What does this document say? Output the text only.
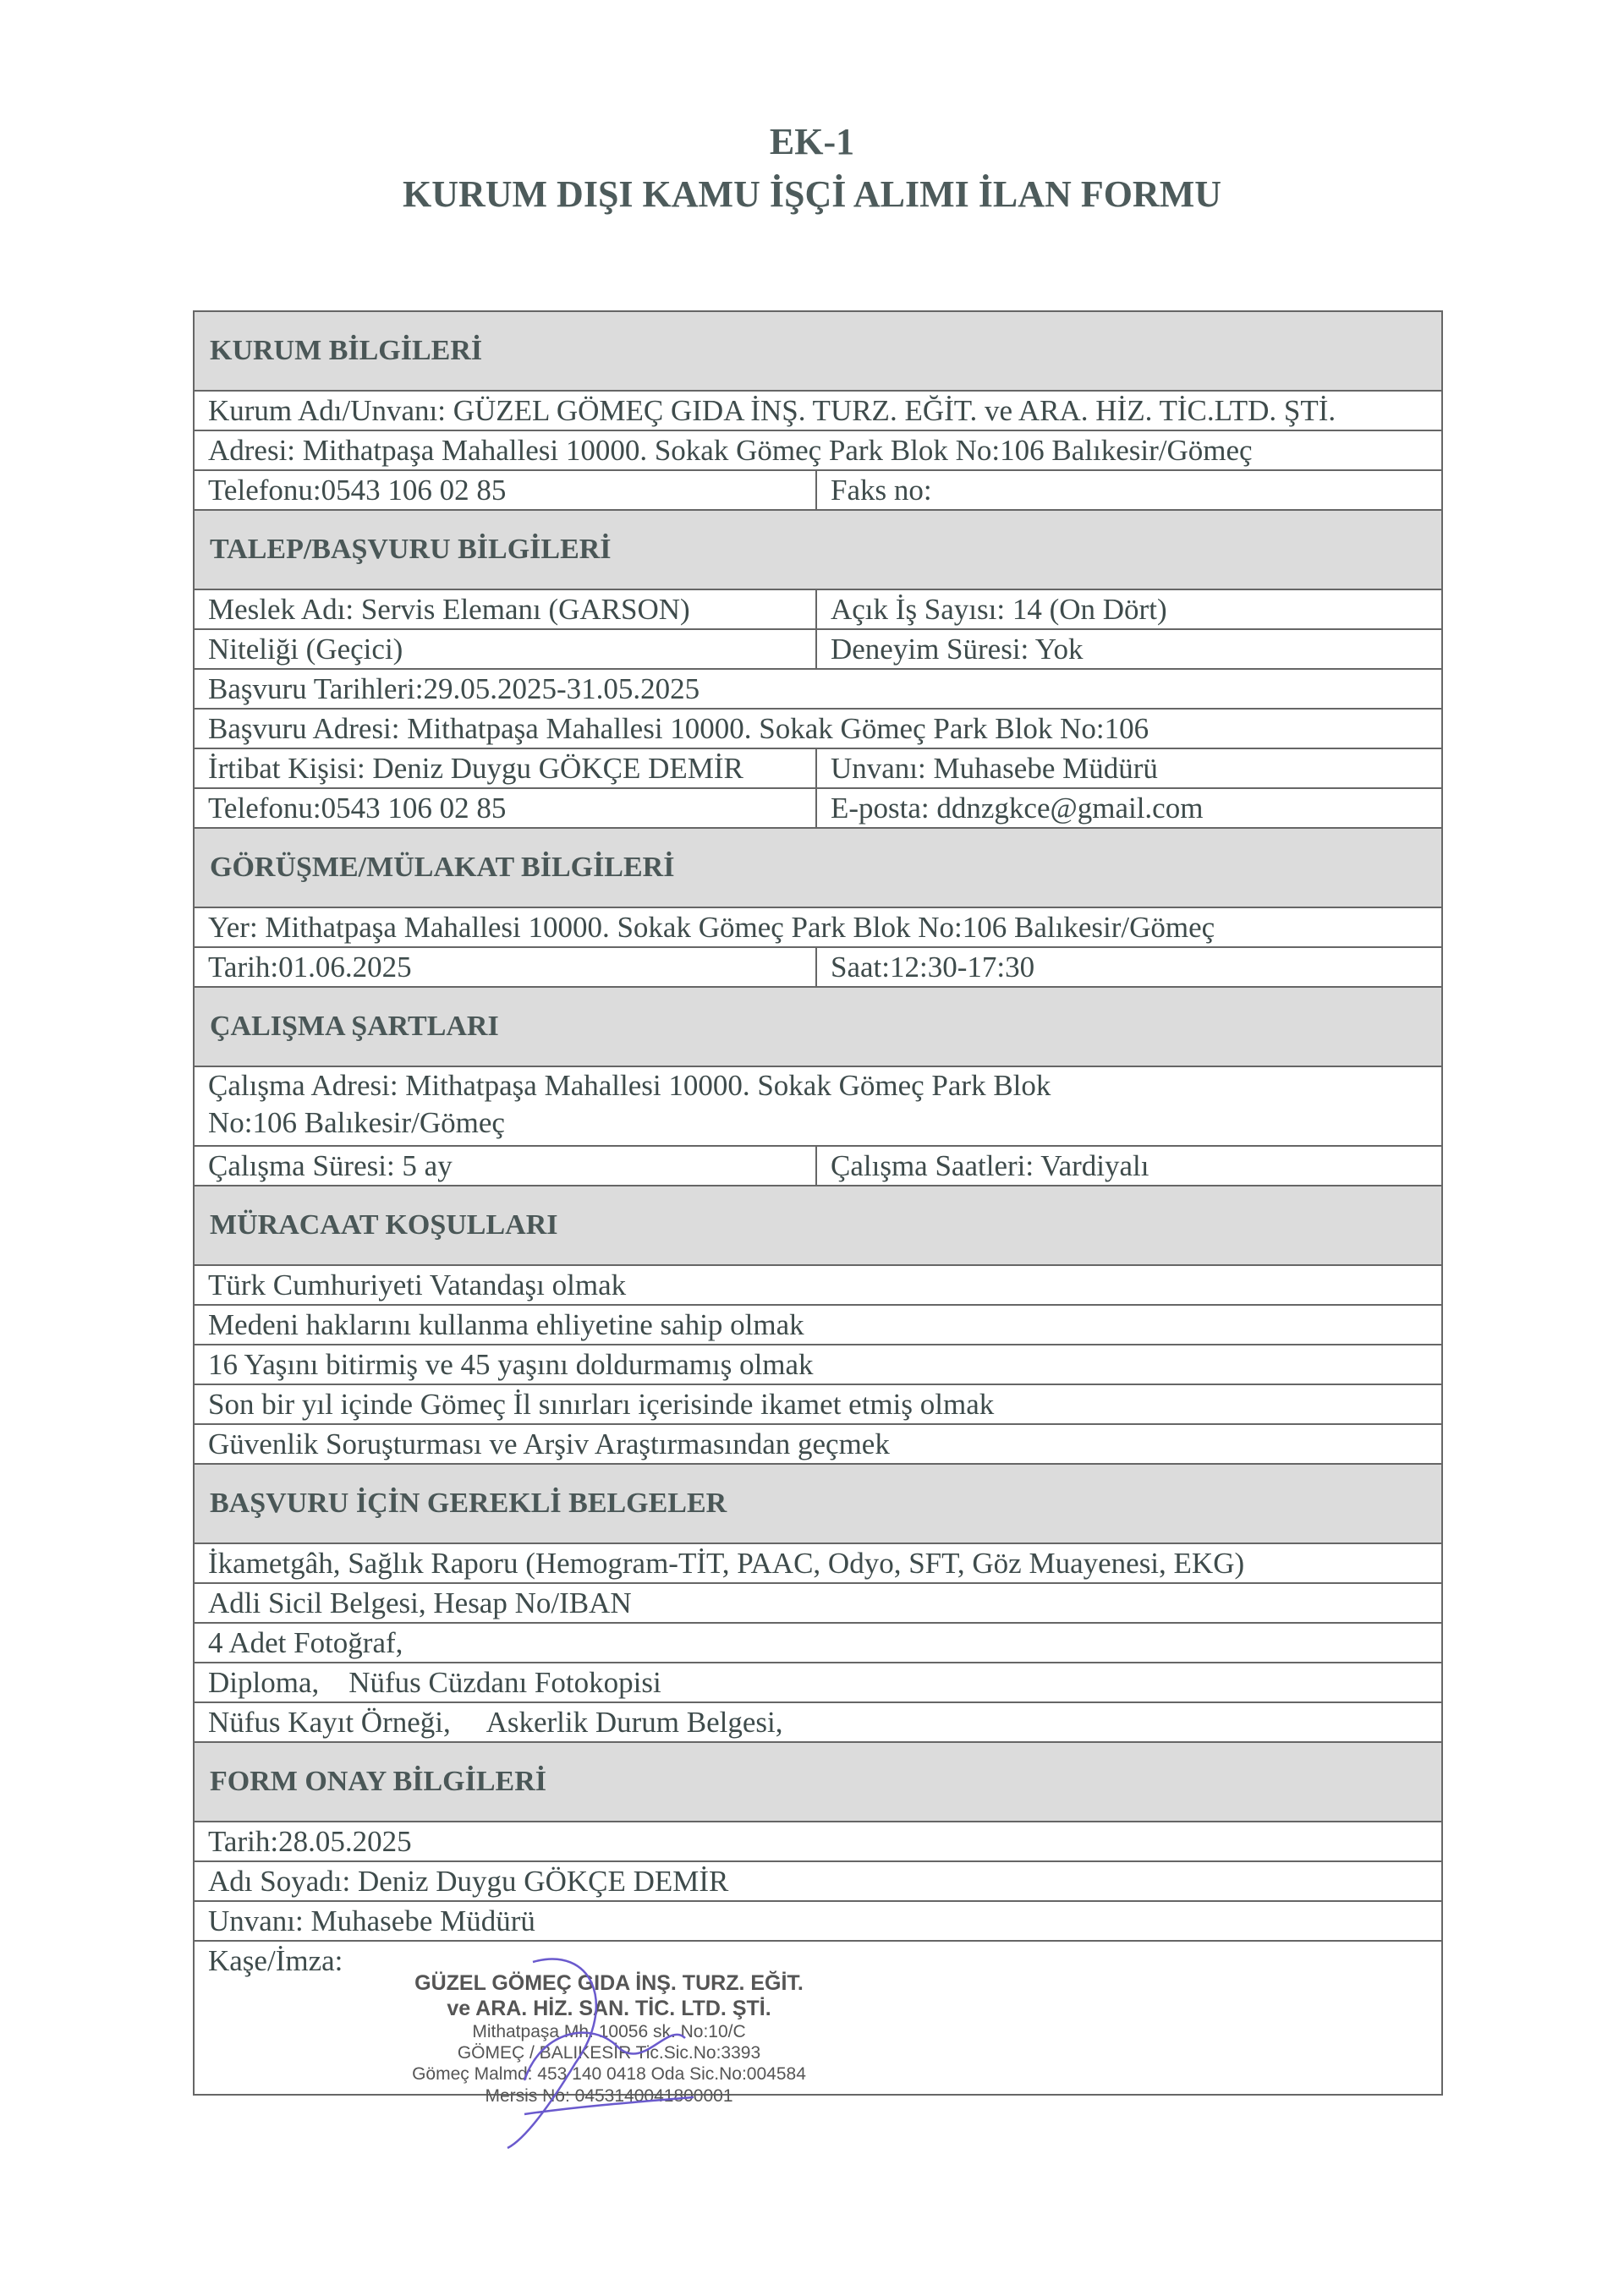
EK-1
KURUM DIŞI KAMU İŞÇİ ALIMI İLAN FORMU
KURUM BİLGİLERİ
Kurum Adı/Unvanı: GÜZEL GÖMEÇ GIDA İNŞ. TURZ. EĞİT. ve ARA. HİZ. TİC.LTD. ŞTİ.
Adresi: Mithatpaşa Mahallesi 10000. Sokak Gömeç Park Blok No:106 Balıkesir/Gömeç
Telefonu:0543 106 02 85	Faks no:
TALEP/BAŞVURU BİLGİLERİ
Meslek Adı: Servis Elemanı (GARSON)	Açık İş Sayısı: 14 (On Dört)
Niteliği (Geçici)	Deneyim Süresi: Yok
Başvuru Tarihleri:29.05.2025-31.05.2025
Başvuru Adresi: Mithatpaşa Mahallesi 10000. Sokak Gömeç Park Blok No:106
İrtibat Kişisi: Deniz Duygu GÖKÇE DEMİR	Unvanı: Muhasebe Müdürü
Telefonu:0543 106 02 85	E-posta: ddnzgkce@gmail.com
GÖRÜŞME/MÜLAKAT BİLGİLERİ
Yer: Mithatpaşa Mahallesi 10000. Sokak Gömeç Park Blok No:106 Balıkesir/Gömeç
Tarih:01.06.2025	Saat:12:30-17:30
ÇALIŞMA ŞARTLARI
Çalışma Adresi: Mithatpaşa Mahallesi 10000. Sokak Gömeç Park Blok No:106 Balıkesir/Gömeç
Çalışma Süresi: 5 ay	Çalışma Saatleri: Vardiyalı
MÜRACAAT KOŞULLARI
Türk Cumhuriyeti Vatandaşı olmak
Medeni haklarını kullanma ehliyetine sahip olmak
16 Yaşını bitirmiş ve 45 yaşını doldurmamış olmak
Son bir yıl içinde Gömeç İl sınırları içerisinde ikamet etmiş olmak
Güvenlik Soruşturması ve Arşiv Araştırmasından geçmek
BAŞVURU İÇİN GEREKLİ BELGELER
İkametgâh, Sağlık Raporu (Hemogram-TİT, PAAC, Odyo, SFT, Göz Muayenesi, EKG)
Adli Sicil Belgesi, Hesap No/IBAN
4 Adet Fotoğraf,
Diploma,    Nüfus Cüzdanı Fotokopisi
Nüfus Kayıt Örneği,     Askerlik Durum Belgesi,
FORM ONAY BİLGİLERİ
Tarih:28.05.2025
Adı Soyadı: Deniz Duygu GÖKÇE DEMİR
Unvanı: Muhasebe Müdürü
Kaşe/İmza:
GÜZEL GÖMEÇ GIDA İNŞ. TURZ. EĞİT.
ve ARA. HİZ. SAN. TİC. LTD. ŞTİ.
Mithatpaşa Mh. 10056 sk. No:10/C
GÖMEÇ / BALIKESİR Tic.Sic.No:3393
Gömeç Malmd: 453 140 0418 Oda Sic.No:004584
Mersis No: 0453140041800001
